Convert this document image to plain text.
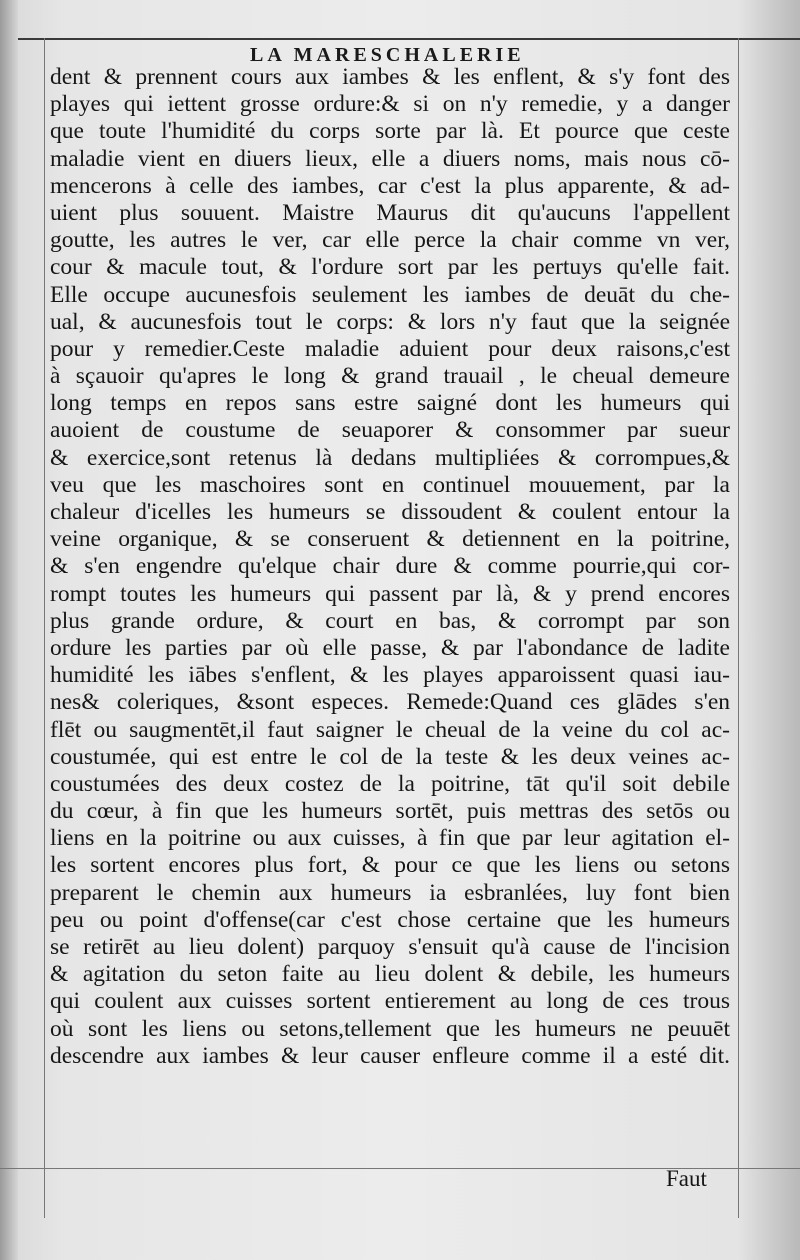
LA MARESCHALERIE
dent & prennent cours aux iambes & les enflent, & s'y font des
playes qui iettent grosse ordure:& si on n'y remedie, y a danger
que toute l'humidité du corps sorte par là. Et pource que ceste
maladie vient en diuers lieux, elle a diuers noms, mais nous cō-
mencerons à celle des iambes, car c'est la plus apparente, & ad-
uient plus souuent. Maistre Maurus dit qu'aucuns l'appellent
goutte, les autres le ver, car elle perce la chair comme vn ver,
cour & macule tout, & l'ordure sort par les pertuys qu'elle fait.
Elle occupe aucunesfois seulement les iambes de deuāt du che-
ual, & aucunesfois tout le corps: & lors n'y faut que la seignée
pour y remedier.Ceste maladie aduient pour deux raisons,c'est
à sçauoir qu'apres le long & grand trauail , le cheual demeure
long temps en repos sans estre saigné dont les humeurs qui
auoient de coustume de seuaporer & consommer par sueur
& exercice,sont retenus là dedans multipliées & corrompues,&
veu que les maschoires sont en continuel mouuement, par la
chaleur d'icelles les humeurs se dissoudent & coulent entour la
veine organique, & se conseruent & detiennent en la poitrine,
& s'en engendre qu'elque chair dure & comme pourrie,qui cor-
rompt toutes les humeurs qui passent par là, & y prend encores
plus grande ordure, & court en bas, & corrompt par son
ordure les parties par où elle passe, & par l'abondance de ladite
humidité les iābes s'enflent, & les playes apparoissent quasi iau-
nes& coleriques, &sont especes. Remede:Quand ces glādes s'en
flēt ou saugmentēt,il faut saigner le cheual de la veine du col ac-
coustumée, qui est entre le col de la teste & les deux veines ac-
coustumées des deux costez de la poitrine, tāt qu'il soit debile
du cœur, à fin que les humeurs sortēt, puis mettras des setōs ou
liens en la poitrine ou aux cuisses, à fin que par leur agitation el-
les sortent encores plus fort, & pour ce que les liens ou setons
preparent le chemin aux humeurs ia esbranlées, luy font bien
peu ou point d'offense(car c'est chose certaine que les humeurs
se retirēt au lieu dolent) parquoy s'ensuit qu'à cause de l'incision
& agitation du seton faite au lieu dolent & debile, les humeurs
qui coulent aux cuisses sortent entierement au long de ces trous
où sont les liens ou setons,tellement que les humeurs ne peuuēt
descendre aux iambes & leur causer enfleure comme il a esté dit.
Faut
